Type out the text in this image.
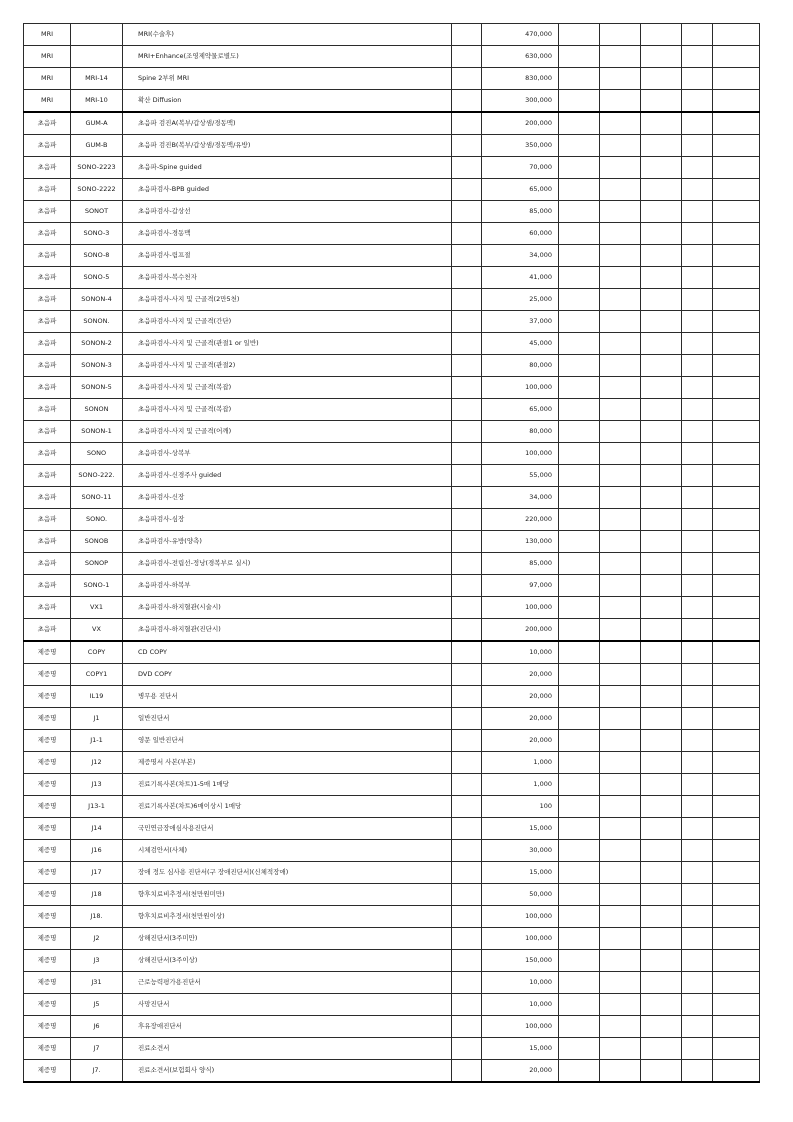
MRI		MRI(수술후)		470,000					
MRI		MRI+Enhance(조영제약물로별도)		630,000					
MRI	MRI-14	Spine 2부위 MRI		830,000					
MRI	MRI-10	확산 Diffusion		300,000					
초음파	GUM-A	초음파 검진A(복부/갑상샘/경동맥)		200,000					
초음파	GUM-B	초음파 검진B(복부/갑상샘/경동맥/유방)		350,000					
초음파	SONO-2223	초음파-Spine guided		70,000					
초음파	SONO-2222	초음파검사-BPB guided		65,000					
초음파	SONOT	초음파검사-갑상선		85,000					
초음파	SONO-3	초음파검사-경동맥		60,000					
초음파	SONO-8	초음파검사-림프절		34,000					
초음파	SONO-5	초음파검사-복수천자		41,000					
초음파	SONON-4	초음파검사-사지 및 근골격(2만5천)		25,000					
초음파	SONON.	초음파검사-사지 및 근골격(간단)		37,000					
초음파	SONON-2	초음파검사-사지 및 근골격(관절1 or 일반)		45,000					
초음파	SONON-3	초음파검사-사지 및 근골격(관절2)		80,000					
초음파	SONON-5	초음파검사-사지 및 근골격(복잡)		100,000					
초음파	SONON	초음파검사-사지 및 근골격(복잡)		65,000					
초음파	SONON-1	초음파검사-사지 및 근골격(어깨)		80,000					
초음파	SONO	초음파검사-상복부		100,000					
초음파	SONO-222.	초음파검사-신경주사 guided		55,000					
초음파	SONO-11	초음파검사-신장		34,000					
초음파	SONO.	초음파검사-심장		220,000					
초음파	SONOB	초음파검사-유방(양측)		130,000					
초음파	SONOP	초음파검사-전립선-정낭(경복부로 실시)		85,000					
초음파	SONO-1	초음파검사-하복부		97,000					
초음파	VX1	초음파검사-하지혈관(시술시)		100,000					
초음파	VX	초음파검사-하지혈관(진단시)		200,000					
제증명	COPY	CD COPY		10,000					
제증명	COPY1	DVD COPY		20,000					
제증명	IL19	병무용 진단서		20,000					
제증명	J1	일반진단서		20,000					
제증명	J1-1	영문 일반진단서		20,000					
제증명	J12	제증명서 사본(부본)		1,000					
제증명	J13	진료기록사본(차트)1-5매 1매당		1,000					
제증명	J13-1	진료기록사본(차트)6매이상시 1매당		100					
제증명	J14	국민연금장애심사용진단서		15,000					
제증명	J16	시체검안서(사체)		30,000					
제증명	J17	장애 정도 심사용 진단서(구 장애진단서)(신체적장애)		15,000					
제증명	J18	향후치료비추정서(천만원미만)		50,000					
제증명	J18.	향후치료비추정서(천만원이상)		100,000					
제증명	J2	상해진단서(3주미만)		100,000					
제증명	J3	상해진단서(3주이상)		150,000					
제증명	J31	근로능력평가용진단서		10,000					
제증명	J5	사망진단서		10,000					
제증명	J6	후유장애진단서		100,000					
제증명	J7	진료소견서		15,000					
제증명	J7.	진료소견서(보험회사 양식)		20,000					
